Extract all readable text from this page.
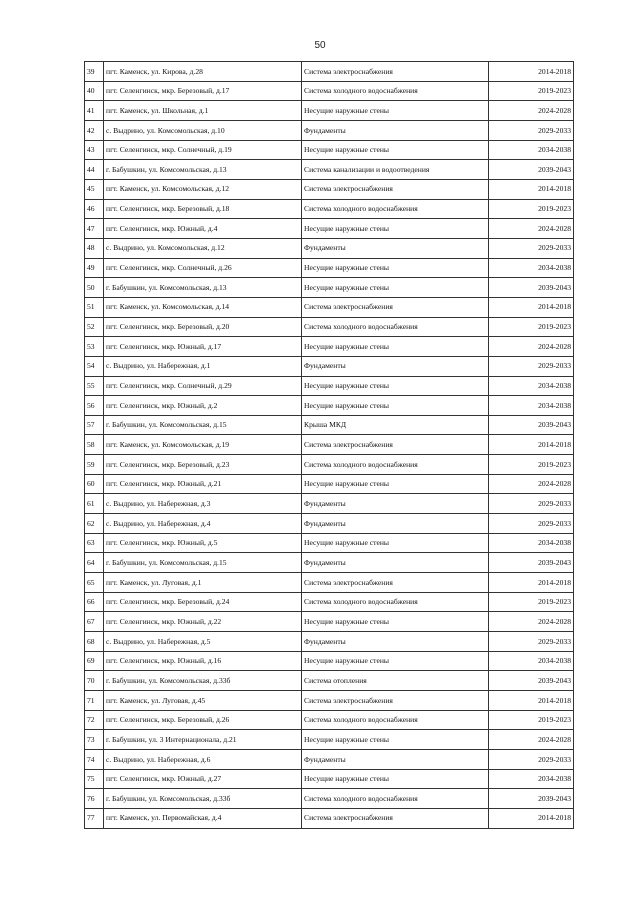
50
39	пгт. Каменск, ул. Кирова, д.28	Система электроснабжения	2014-2018
40	пгт. Селенгинск, мкр. Березовый, д.17	Система холодного водоснабжения	2019-2023
41	пгт. Каменск, ул. Школьная, д.1	Несущие наружные стены	2024-2028
42	с. Выдрино, ул. Комсомольская, д.10	Фундаменты	2029-2033
43	пгт. Селенгинск, мкр. Солнечный, д.19	Несущие наружные стены	2034-2038
44	г. Бабушкин, ул. Комсомольская, д.13	Система канализации и водоотведения	2039-2043
45	пгт. Каменск, ул. Комсомольская, д.12	Система электроснабжения	2014-2018
46	пгт. Селенгинск, мкр. Березовый, д.18	Система холодного водоснабжения	2019-2023
47	пгт. Селенгинск, мкр. Южный, д.4	Несущие наружные стены	2024-2028
48	с. Выдрино, ул. Комсомольская, д.12	Фундаменты	2029-2033
49	пгт. Селенгинск, мкр. Солнечный, д.26	Несущие наружные стены	2034-2038
50	г. Бабушкин, ул. Комсомольская, д.13	Несущие наружные стены	2039-2043
51	пгт. Каменск, ул. Комсомольская, д.14	Система электроснабжения	2014-2018
52	пгт. Селенгинск, мкр. Березовый, д.20	Система холодного водоснабжения	2019-2023
53	пгт. Селенгинск, мкр. Южный, д.17	Несущие наружные стены	2024-2028
54	с. Выдрино, ул. Набережная, д.1	Фундаменты	2029-2033
55	пгт. Селенгинск, мкр. Солнечный, д.29	Несущие наружные стены	2034-2038
56	пгт. Селенгинск, мкр. Южный, д.2	Несущие наружные стены	2034-2038
57	г. Бабушкин, ул. Комсомольская, д.15	Крыша МКД	2039-2043
58	пгт. Каменск, ул. Комсомольская, д.19	Система электроснабжения	2014-2018
59	пгт. Селенгинск, мкр. Березовый, д.23	Система холодного водоснабжения	2019-2023
60	пгт. Селенгинск, мкр. Южный, д.21	Несущие наружные стены	2024-2028
61	с. Выдрино, ул. Набережная, д.3	Фундаменты	2029-2033
62	с. Выдрино, ул. Набережная, д.4	Фундаменты	2029-2033
63	пгт. Селенгинск, мкр. Южный, д.5	Несущие наружные стены	2034-2038
64	г. Бабушкин, ул. Комсомольская, д.15	Фундаменты	2039-2043
65	пгт. Каменск, ул. Луговая, д.1	Система электроснабжения	2014-2018
66	пгт. Селенгинск, мкр. Березовый, д.24	Система холодного водоснабжения	2019-2023
67	пгт. Селенгинск, мкр. Южный, д.22	Несущие наружные стены	2024-2028
68	с. Выдрино, ул. Набережная, д.5	Фундаменты	2029-2033
69	пгт. Селенгинск, мкр. Южный, д.16	Несущие наружные стены	2034-2038
70	г. Бабушкин, ул. Комсомольская, д.33б	Система отопления	2039-2043
71	пгт. Каменск, ул. Луговая, д.45	Система электроснабжения	2014-2018
72	пгт. Селенгинск, мкр. Березовый, д.26	Система холодного водоснабжения	2019-2023
73	г. Бабушкин, ул. 3 Интернационала, д.21	Несущие наружные стены	2024-2028
74	с. Выдрино, ул. Набережная, д.6	Фундаменты	2029-2033
75	пгт. Селенгинск, мкр. Южный, д.27	Несущие наружные стены	2034-2038
76	г. Бабушкин, ул. Комсомольская, д.33б	Система холодного водоснабжения	2039-2043
77	пгт. Каменск, ул. Первомайская, д.4	Система электроснабжения	2014-2018
